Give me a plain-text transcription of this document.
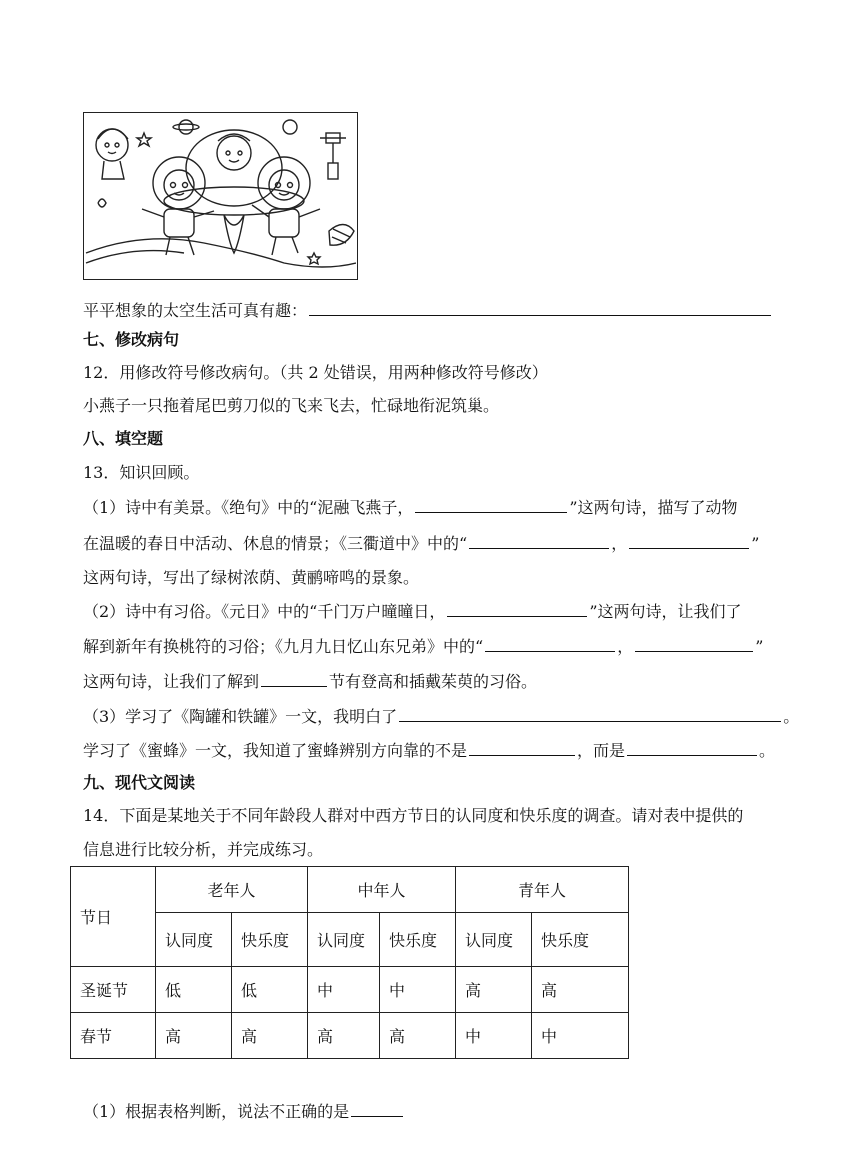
平平想象的太空生活可真有趣：
七、修改病句
12．用修改符号修改病句。（共 2 处错误，用两种修改符号修改）
小燕子一只拖着尾巴剪刀似的飞来飞去，忙碌地衔泥筑巢。
八、填空题
13．知识回顾。
（1）诗中有美景。《绝句》中的“泥融飞燕子，	”这两句诗，描写了动物
在温暖的春日中活动、休息的情景；《三衢道中》中的“	，	”
这两句诗，写出了绿树浓荫、黄鹂啼鸣的景象。
（2）诗中有习俗。《元日》中的“千门万户曈曈日，	”这两句诗，让我们了
解到新年有换桃符的习俗；《九月九日忆山东兄弟》中的“	，	”
这两句诗，让我们了解到	节有登高和插戴茱萸的习俗。
（3）学习了《陶罐和铁罐》一文，我明白了	。
学习了《蜜蜂》一文，我知道了蜜蜂辨别方向靠的不是	，而是	。
九、现代文阅读
14．下面是某地关于不同年龄段人群对中西方节日的认同度和快乐度的调查。请对表中提供的
信息进行比较分析，并完成练习。
节日	老年人		中年人		青年人	
	认同度	快乐度	认同度	快乐度	认同度	快乐度
圣诞节	低	低	中	中	高	高
春节	高	高	高	高	中	中
（1）根据表格判断，说法不正确的是
